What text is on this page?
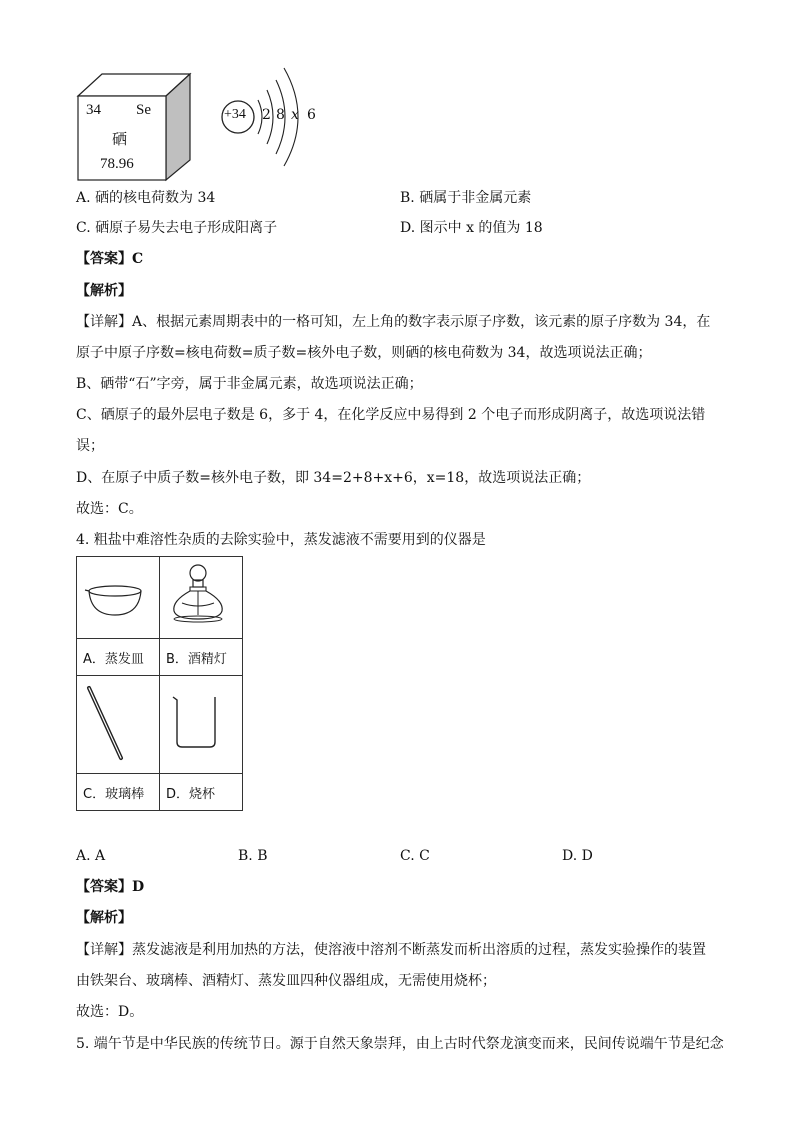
34 Se
硒
78.96
+34 2 8 x 6
A. 硒的核电荷数为 34	B. 硒属于非金属元素
C. 硒原子易失去电子形成阳离子	D. 图示中 x 的值为 18
【答案】C
【解析】
【详解】A、根据元素周期表中的一格可知，左上角的数字表示原子序数，该元素的原子序数为 34，在
原子中原子序数=核电荷数=质子数=核外电子数，则硒的核电荷数为 34，故选项说法正确；
B、硒带“石”字旁，属于非金属元素，故选项说法正确；
C、硒原子的最外层电子数是 6，多于 4，在化学反应中易得到 2 个电子而形成阴离子，故选项说法错
误；
D、在原子中质子数=核外电子数，即 34=2+8+x+6，x=18，故选项说法正确；
故选：C。
4. 粗盐中难溶性杂质的去除实验中，蒸发滤液不需要用到的仪器是

A．蒸发皿	B．酒精灯

C．玻璃棒	D．烧杯
A. A	B. B	C. C	D. D
【答案】D
【解析】
【详解】蒸发滤液是利用加热的方法，使溶液中溶剂不断蒸发而析出溶质的过程，蒸发实验操作的装置
由铁架台、玻璃棒、酒精灯、蒸发皿四种仪器组成，无需使用烧杯；
故选：D。
5. 端午节是中华民族的传统节日。源于自然天象崇拜，由上古时代祭龙演变而来，民间传说端午节是纪念
